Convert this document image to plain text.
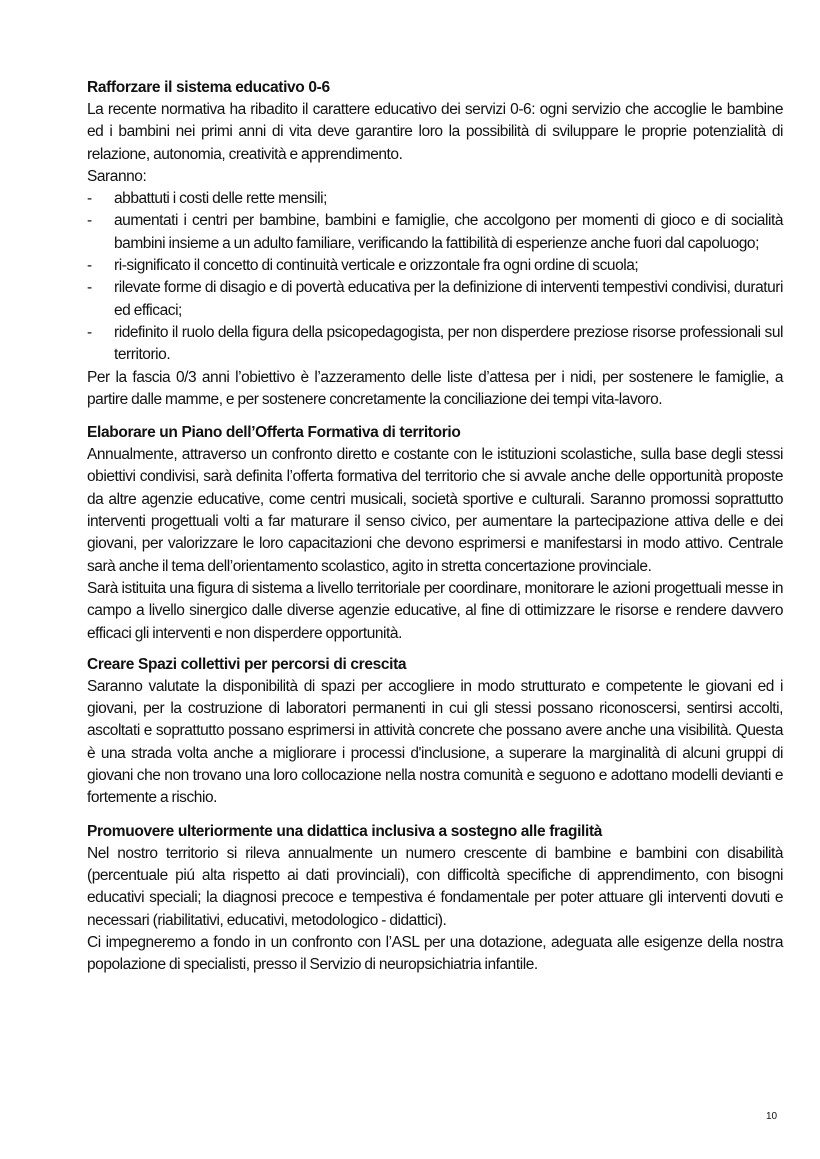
Rafforzare il sistema educativo 0-6

La recente normativa ha ribadito il carattere educativo dei servizi 0-6: ogni servizio che accoglie le bambine ed i bambini nei primi anni di vita deve garantire loro la possibilità di sviluppare le proprie potenzialità di relazione, autonomia, creatività e apprendimento.

Saranno:

- abbattuti i costi delle rette mensili;
- aumentati i centri per bambine, bambini e famiglie, che accolgono per momenti di gioco e di socialità bambini insieme a un adulto familiare, verificando la fattibilità di esperienze anche fuori dal capoluogo;
- ri-significato il concetto di continuità verticale e orizzontale fra ogni ordine di scuola;
- rilevate forme di disagio e di povertà educativa per la definizione di interventi tempestivi condivisi, duraturi ed efficaci;
- ridefinito il ruolo della figura della psicopedagogista, per non disperdere preziose risorse professionali sul territorio.

Per la fascia 0/3 anni l’obiettivo è l’azzeramento delle liste d’attesa per i nidi, per sostenere le famiglie, a partire dalle mamme, e per sostenere concretamente la conciliazione dei tempi vita-lavoro.

Elaborare un Piano dell’Offerta Formativa di territorio

Annualmente, attraverso un confronto diretto e costante con le istituzioni scolastiche, sulla base degli stessi obiettivi condivisi, sarà definita l’offerta formativa del territorio che si avvale anche delle opportunità proposte da altre agenzie educative, come centri musicali, società sportive e culturali. Saranno promossi soprattutto interventi progettuali volti a far maturare il senso civico, per aumentare la partecipazione attiva delle e dei giovani, per valorizzare le loro capacitazioni che devono esprimersi e manifestarsi in modo attivo. Centrale sarà anche il tema dell’orientamento scolastico, agito in stretta concertazione provinciale.

Sarà istituita una figura di sistema a livello territoriale per coordinare, monitorare le azioni progettuali messe in campo a livello sinergico dalle diverse agenzie educative, al fine di ottimizzare le risorse e rendere davvero efficaci gli interventi e non disperdere opportunità.

Creare Spazi collettivi per percorsi di crescita

Saranno valutate la disponibilità di spazi per accogliere in modo strutturato e competente le giovani ed i giovani, per la costruzione di laboratori permanenti in cui gli stessi possano riconoscersi, sentirsi accolti, ascoltati e soprattutto possano esprimersi in attività concrete che possano avere anche una visibilità. Questa è una strada volta anche a migliorare i processi d'inclusione, a superare la marginalità di alcuni gruppi di giovani che non trovano una loro collocazione nella nostra comunità e seguono e adottano modelli devianti e fortemente a rischio.

Promuovere ulteriormente una didattica inclusiva a sostegno alle fragilità

Nel nostro territorio si rileva annualmente un numero crescente di bambine e bambini con disabilità (percentuale piú alta rispetto ai dati provinciali), con difficoltà specifiche di apprendimento, con bisogni educativi speciali; la diagnosi precoce e tempestiva é fondamentale per poter attuare gli interventi dovuti e necessari (riabilitativi, educativi, metodologico - didattici).

Ci impegneremo a fondo in un confronto con l’ASL per una dotazione, adeguata alle esigenze della nostra popolazione di specialisti, presso il Servizio di neuropsichiatria infantile.

10
